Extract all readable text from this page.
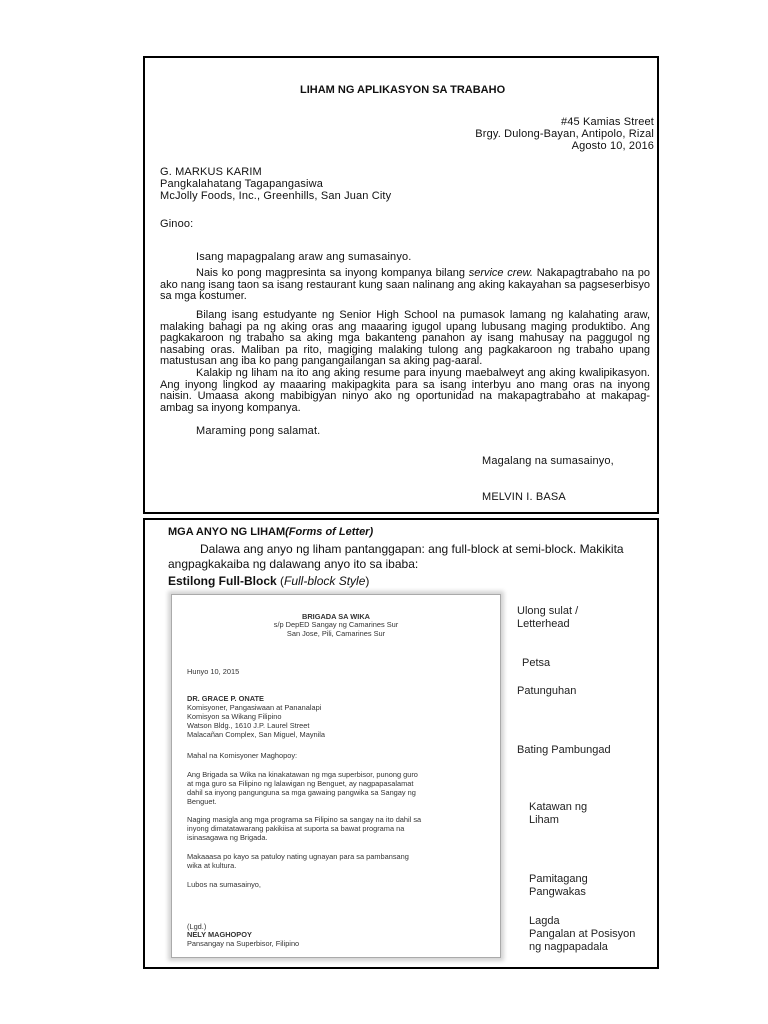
LIHAM NG APLIKASYON SA TRABAHO
#45 Kamias Street
Brgy. Dulong-Bayan, Antipolo, Rizal
Agosto 10, 2016
G. MARKUS KARIM
Pangkalahatang Tagapangasiwa
McJolly Foods, Inc., Greenhills, San Juan City
Ginoo:
Isang mapagpalang araw ang sumasainyo.

Nais ko pong magpresinta sa inyong kompanya bilang service crew. Nakapagtrabaho na po ako nang isang taon sa isang restaurant kung saan nalinang ang aking kakayahan sa pagseserbisyo sa mga kostumer.

Bilang isang estudyante ng Senior High School na pumasok lamang ng kalahating araw, malaking bahagi pa ng aking oras ang maaaring igugol upang lubusang maging produktibo. Ang pagkakaroon ng trabaho sa aking mga bakanteng panahon ay isang mahusay na paggugol ng nasabing oras. Maliban pa rito, magiging malaking tulong ang pagkakaroon ng trabaho upang matustusan ang iba ko pang pangangailangan sa aking pag-aaral.

Kalakip ng liham na ito ang aking resume para inyung maebalweyt ang aking kwalipikasyon. Ang inyong lingkod ay maaaring makipagkita para sa isang interbyu ano mang oras na inyong naisin. Umaasa akong mabibigyan ninyo ako ng oportunidad na makapagtrabaho at makapag-ambag sa inyong kompanya.

Maraming pong salamat.
Magalang na sumasainyo,
MELVIN I. BASA
MGA ANYO NG LIHAM(Forms of Letter)
Dalawa ang anyo ng liham pantanggapan: ang full-block at semi-block. Makikita
angpagkakaiba ng dalawang anyo ito sa ibaba:
Estilong Full-Block (Full-block Style)
BRIGADA SA WIKA
s/p DepED Sangay ng Camarines Sur
San Jose, Pili, Camarines Sur
Hunyo 10, 2015
DR. GRACE P. ONATE
Komisyoner, Pangasiwaan at Pananalapi
Komisyon sa Wikang Filipino
Watson Bldg., 1610 J.P. Laurel Street
Malacañan Complex, San Miguel, Maynila
Mahal na Komisyoner Maghopoy:
Ang Brigada sa Wika na kinakatawan ng mga superbisor, punong guro
at mga guro sa Filipino ng lalawigan ng Benguet, ay nagpapasalamat
dahil sa inyong pangunguna sa mga gawaing pangwika sa Sangay ng
Benguet.
Naging masigla ang mga programa sa Filipino sa sangay na ito dahil sa
inyong dimatatawarang pakikiisa at suporta sa bawat programa na
isinasagawa ng Brigada.
Makaaasa po kayo sa patuloy nating ugnayan para sa pambansang
wika at kultura.
Lubos na sumasainyo,
(Lgd.)
NELY MAGHOPOY
Pansangay na Superbisor, Filipino
Ulong sulat /
Letterhead
Petsa
Patunguhan
Bating Pambungad
Katawan ng
Liham
Pamitagang
Pangwakas
Lagda
Pangalan at Posisyon
ng nagpapadala
